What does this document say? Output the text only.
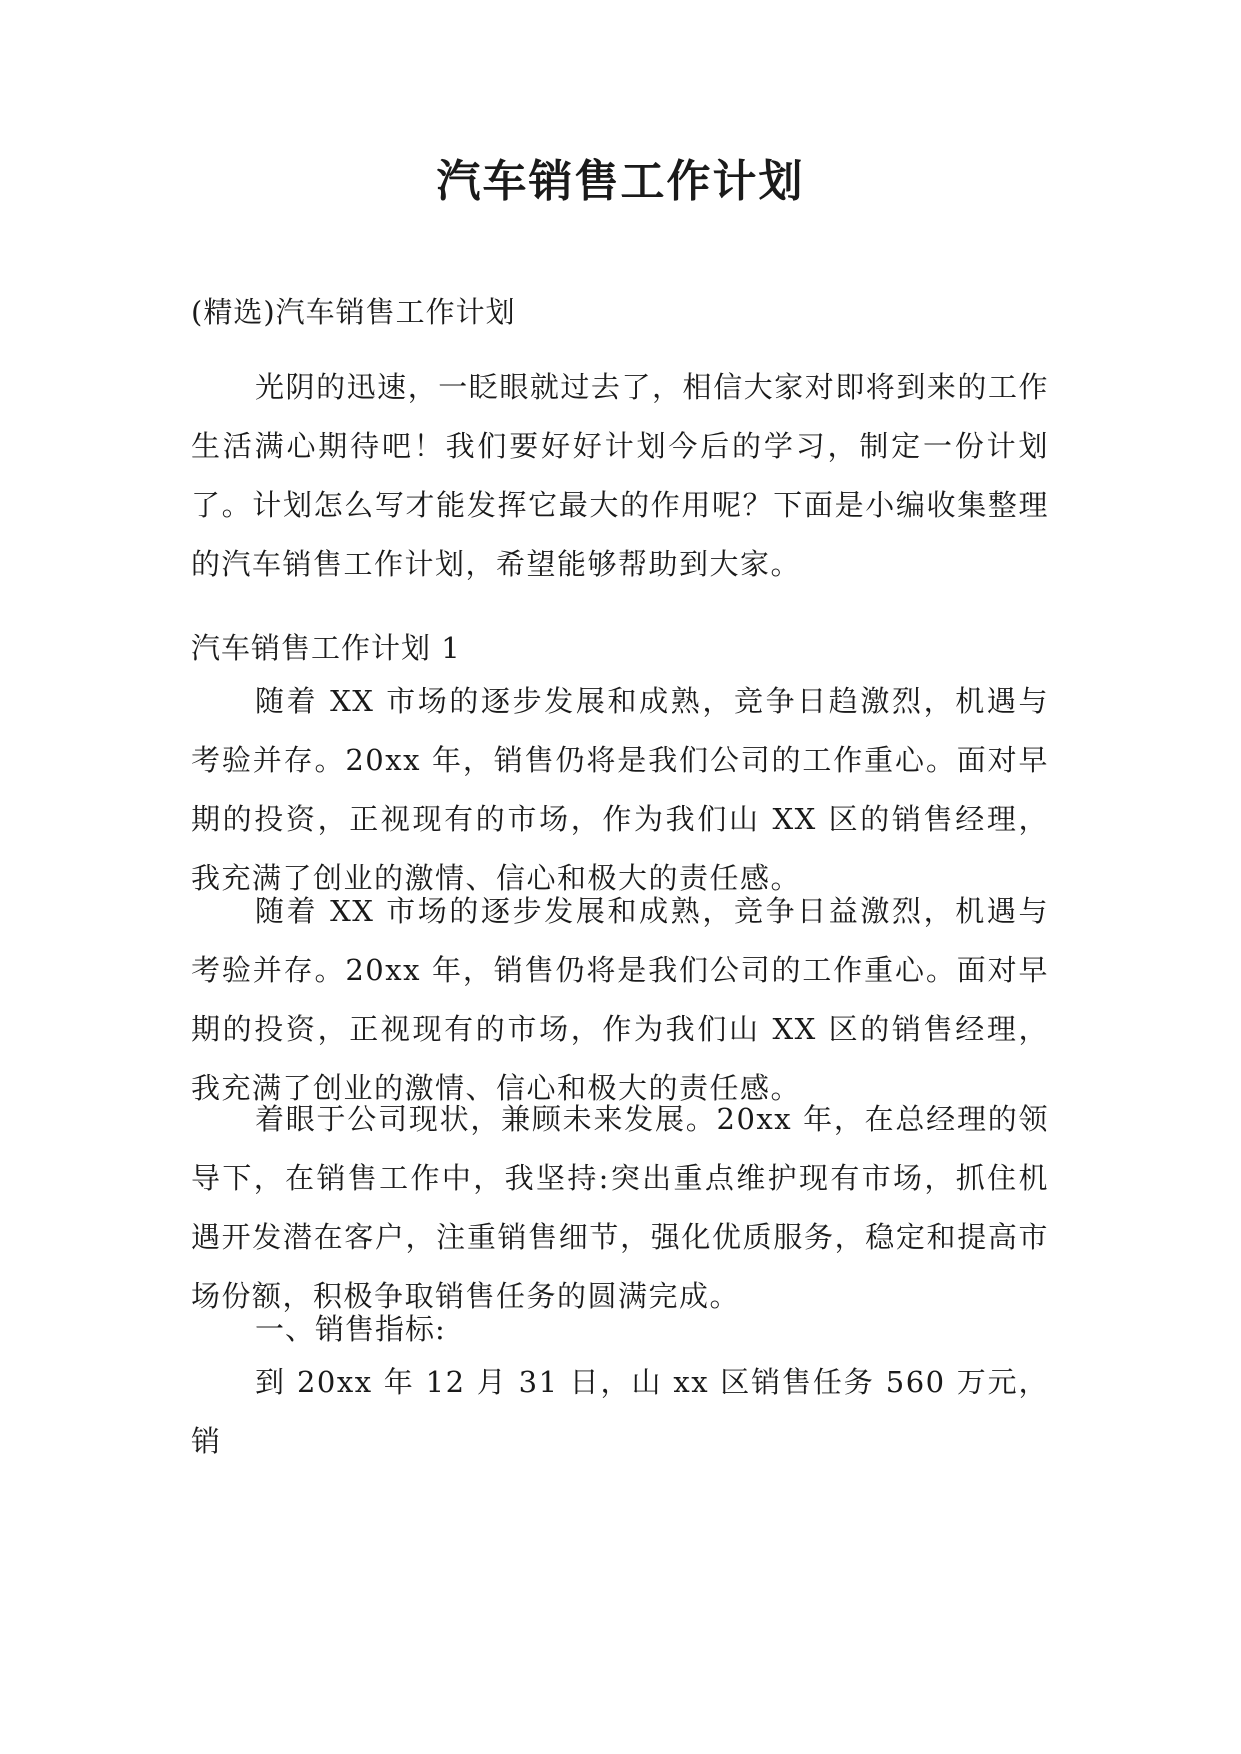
汽车销售工作计划
(精选)汽车销售工作计划

光阴的迅速，一眨眼就过去了，相信大家对即将到来的工作生活满心期待吧！我们要好好计划今后的学习，制定一份计划了。计划怎么写才能发挥它最大的作用呢？下面是小编收集整理的汽车销售工作计划，希望能够帮助到大家。

汽车销售工作计划 1

随着 XX 市场的逐步发展和成熟，竞争日趋激烈，机遇与考验并存。20xx 年，销售仍将是我们公司的工作重心。面对早期的投资，正视现有的市场，作为我们山 XX 区的销售经理，我充满了创业的激情、信心和极大的责任感。

随着 XX 市场的逐步发展和成熟，竞争日益激烈，机遇与考验并存。20xx 年，销售仍将是我们公司的工作重心。面对早期的投资，正视现有的市场，作为我们山 XX 区的销售经理，我充满了创业的激情、信心和极大的责任感。

着眼于公司现状，兼顾未来发展。20xx 年，在总经理的领导下，在销售工作中，我坚持:突出重点维护现有市场，抓住机遇开发潜在客户，注重销售细节，强化优质服务，稳定和提高市场份额，积极争取销售任务的圆满完成。

一、销售指标:

到 20xx 年 12 月 31 日，山 xx 区销售任务 560 万元，销
